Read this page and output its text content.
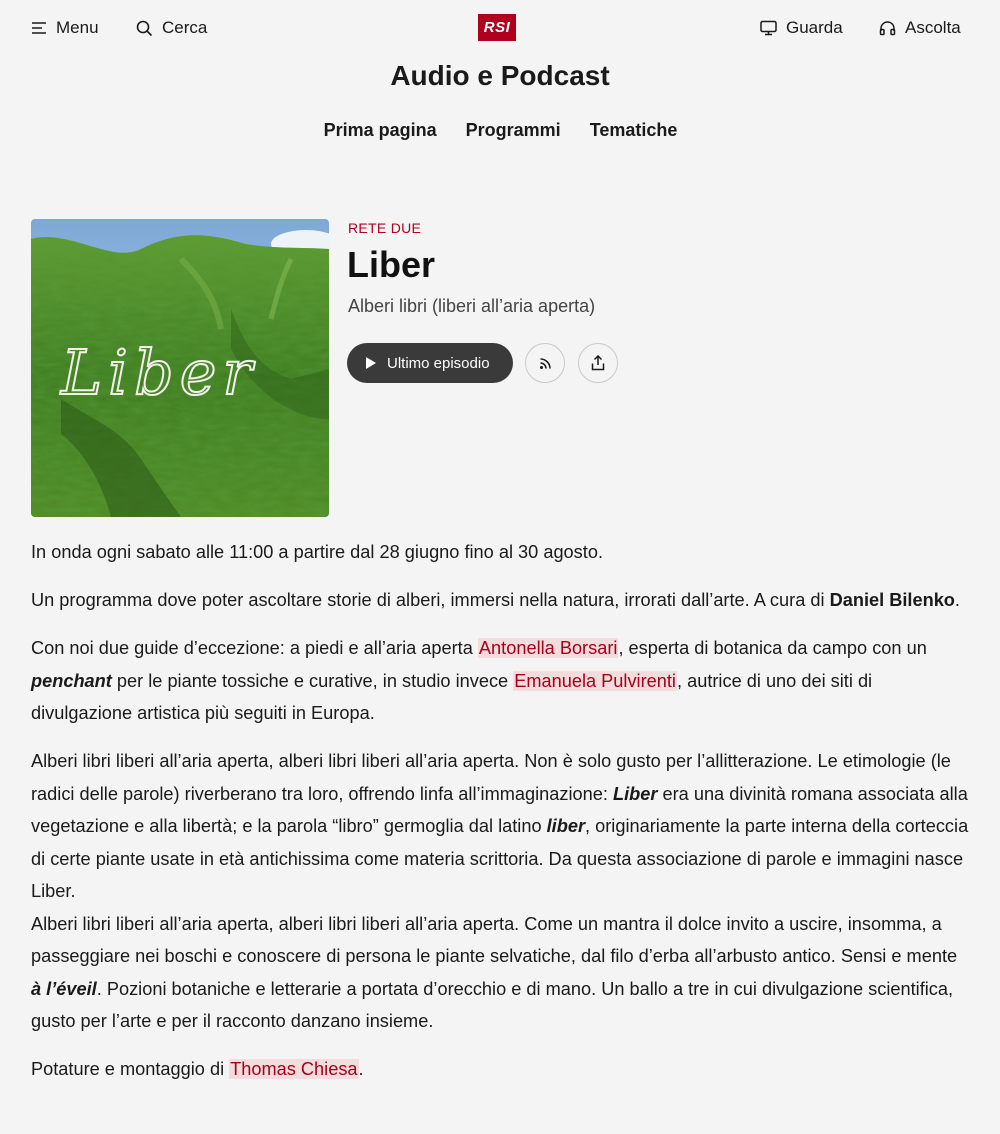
Menu	Cerca	RSI	Guarda	Ascolta
Audio e Podcast
Prima pagina Programmi Tematiche
Liber
RETE DUE
Liber
Alberi libri (liberi all’aria aperta)
Ultimo episodio

In onda ogni sabato alle 11:00 a partire dal 28 giugno fino al 30 agosto.

Un programma dove poter ascoltare storie di alberi, immersi nella natura, irrorati dall’arte. A cura di Daniel Bilenko.

Con noi due guide d’eccezione: a piedi e all’aria aperta Antonella Borsari, esperta di botanica da campo con un penchant per le piante tossiche e curative, in studio invece Emanuela Pulvirenti, autrice di uno dei siti di divulgazione artistica più seguiti in Europa.

Alberi libri liberi all’aria aperta, alberi libri liberi all’aria aperta. Non è solo gusto per l’allitterazione. Le etimologie (le radici delle parole) riverberano tra loro, offrendo linfa all’immaginazione: Liber era una divinità romana associata alla vegetazione e alla libertà; e la parola “libro” germoglia dal latino liber, originariamente la parte interna della corteccia di certe piante usate in età antichissima come materia scrittoria. Da questa associazione di parole e immagini nasce Liber.

Alberi libri liberi all’aria aperta, alberi libri liberi all’aria aperta. Come un mantra il dolce invito a uscire, insomma, a passeggiare nei boschi e conoscere di persona le piante selvatiche, dal filo d’erba all’arbusto antico. Sensi e mente à l’éveil. Pozioni botaniche e letterarie a portata d’orecchio e di mano. Un ballo a tre in cui divulgazione scientifica, gusto per l’arte e per il racconto danzano insieme.

Potature e montaggio di Thomas Chiesa.
